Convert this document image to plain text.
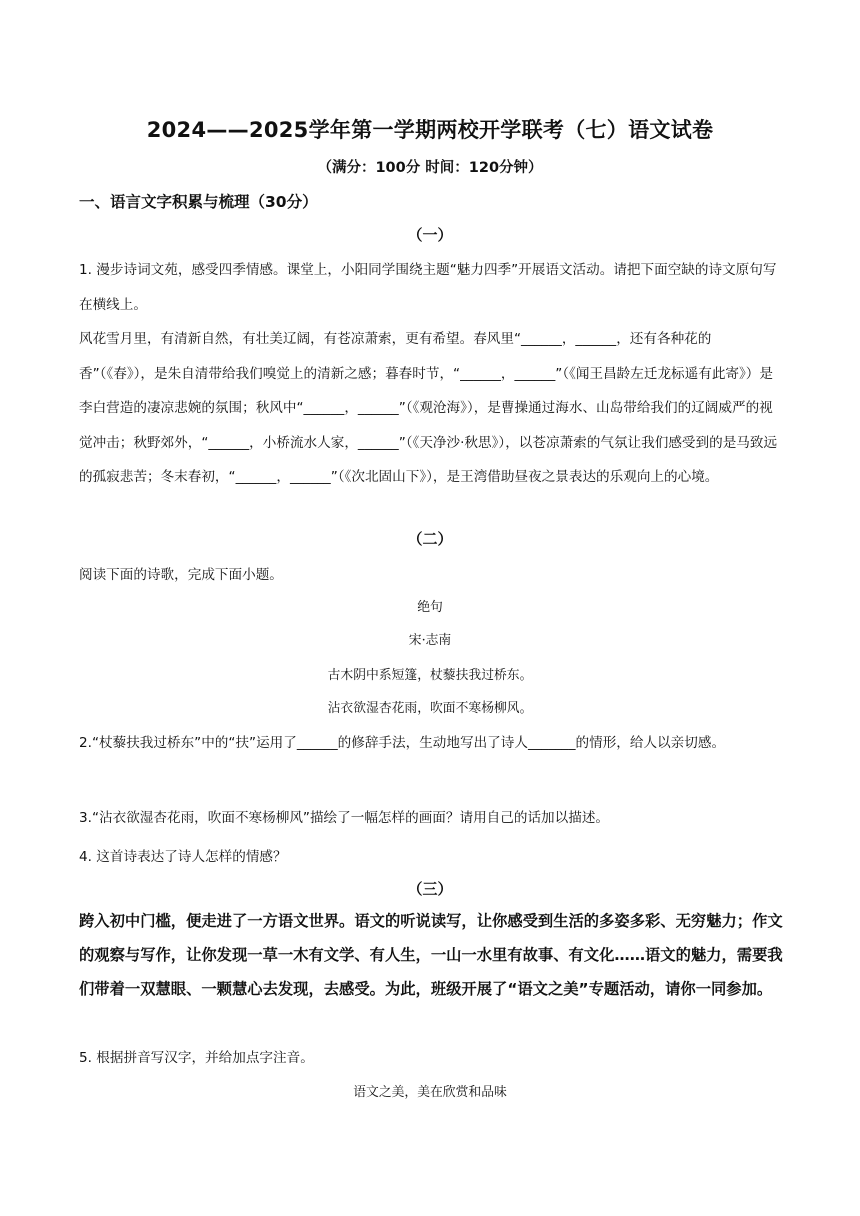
2024——2025学年第一学期两校开学联考（七）语文试卷
（满分：100分 时间：120分钟）
一、语言文字积累与梳理（30分）
（一）

1. 漫步诗词文苑，感受四季情感。课堂上，小阳同学围绕主题“魅力四季”开展语文活动。请把下面空缺的诗文原句写在横线上。

风花雪月里，有清新自然，有壮美辽阔，有苍凉萧索，更有希望。春风里“______，______，还有各种花的香”（《春》），是朱自清带给我们嗅觉上的清新之感；暮春时节，“______，______”（《闻王昌龄左迁龙标遥有此寄》）是李白营造的凄凉悲婉的氛围；秋风中“______，______”（《观沧海》），是曹操通过海水、山岛带给我们的辽阔威严的视觉冲击；秋野郊外，“______，小桥流水人家，______”（《天净沙·秋思》），以苍凉萧索的气氛让我们感受到的是马致远的孤寂悲苦；冬末春初，“______，______”（《次北固山下》），是王湾借助昼夜之景表达的乐观向上的心境。

（二）
阅读下面的诗歌，完成下面小题。
绝句
宋·志南
古木阴中系短篷，杖藜扶我过桥东。
沾衣欲湿杏花雨，吹面不寒杨柳风。
2.“杖藜扶我过桥东”中的“扶”运用了______的修辞手法，生动地写出了诗人_______的情形，给人以亲切感。
3.“沾衣欲湿杏花雨，吹面不寒杨柳风”描绘了一幅怎样的画面？请用自己的话加以描述。
4. 这首诗表达了诗人怎样的情感？
（三）
跨入初中门槛，便走进了一方语文世界。语文的听说读写，让你感受到生活的多姿多彩、无穷魅力；作文的观察与写作，让你发现一草一木有文学、有人生，一山一水里有故事、有文化……语文的魅力，需要我们带着一双慧眼、一颗慧心去发现，去感受。为此，班级开展了“语文之美”专题活动，请你一同参加。
5. 根据拼音写汉字，并给加点字注音。
语文之美，美在欣赏和品味
